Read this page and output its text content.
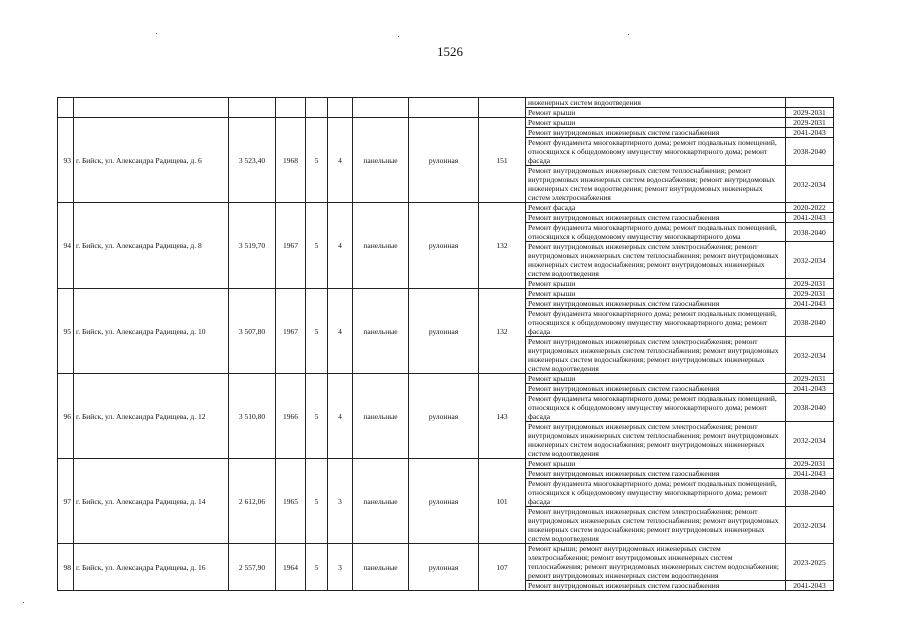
1526
									инженерных систем водоотведения	
									Ремонт крыши	2029-2031
93	г. Бийск, ул. Александра Радищева, д. 6	3 523,40	1968	5	4	панельные	рулонная	151	Ремонт крыши	2029-2031
									Ремонт внутридомовых инженерных систем газоснабжения	2041-2043
									Ремонт фундамента многоквартирного дома; ремонт подвальных помещений, относящихся к общедомовому имуществу многоквартирного дома; ремонт фасада	2038-2040
									Ремонт внутридомовых инженерных систем теплоснабжения; ремонт внутридомовых инженерных систем водоснабжения; ремонт внутридомовых инженерных систем водоотведения; ремонт внутридомовых инженерных систем электроснабжения	2032-2034
94	г. Бийск, ул. Александра Радищева, д. 8	3 519,70	1967	5	4	панельные	рулонная	132	Ремонт фасада	2020-2022
									Ремонт внутридомовых инженерных систем газоснабжения	2041-2043
									Ремонт фундамента многоквартирного дома; ремонт подвальных помещений, относящихся к общедомовому имуществу многоквартирного дома	2038-2040
									Ремонт внутридомовых инженерных систем электроснабжения; ремонт внутридомовых инженерных систем теплоснабжения; ремонт внутридомовых инженерных систем водоснабжения; ремонт внутридомовых инженерных систем водоотведения	2032-2034
									Ремонт крыши	2029-2031
95	г. Бийск, ул. Александра Радищева, д. 10	3 507,80	1967	5	4	панельные	рулонная	132	Ремонт крыши	2029-2031
									Ремонт внутридомовых инженерных систем газоснабжения	2041-2043
									Ремонт фундамента многоквартирного дома; ремонт подвальных помещений, относящихся к общедомовому имуществу многоквартирного дома; ремонт фасада	2038-2040
									Ремонт внутридомовых инженерных систем электроснабжения; ремонт внутридомовых инженерных систем теплоснабжения; ремонт внутридомовых инженерных систем водоснабжения; ремонт внутридомовых инженерных систем водоотведения	2032-2034
96	г. Бийск, ул. Александра Радищева, д. 12	3 510,80	1966	5	4	панельные	рулонная	143	Ремонт крыши	2029-2031
									Ремонт внутридомовых инженерных систем газоснабжения	2041-2043
									Ремонт фундамента многоквартирного дома; ремонт подвальных помещений, относящихся к общедомовому имуществу многоквартирного дома; ремонт фасада	2038-2040
									Ремонт внутридомовых инженерных систем электроснабжения; ремонт внутридомовых инженерных систем теплоснабжения; ремонт внутридомовых инженерных систем водоснабжения; ремонт внутридомовых инженерных систем водоотведения	2032-2034
97	г. Бийск, ул. Александра Радищева, д. 14	2 612,06	1965	5	3	панельные	рулонная	101	Ремонт крыши	2029-2031
									Ремонт внутридомовых инженерных систем газоснабжения	2041-2043
									Ремонт фундамента многоквартирного дома; ремонт подвальных помещений, относящихся к общедомовому имуществу многоквартирного дома; ремонт фасада	2038-2040
									Ремонт внутридомовых инженерных систем электроснабжения; ремонт внутридомовых инженерных систем теплоснабжения; ремонт внутридомовых инженерных систем водоснабжения; ремонт внутридомовых инженерных систем водоотведения	2032-2034
98	г. Бийск, ул. Александра Радищева, д. 16	2 557,90	1964	5	3	панельные	рулонная	107	Ремонт крыши; ремонт внутридомовых инженерных систем электроснабжения; ремонт внутридомовых инженерных систем теплоснабжения; ремонт внутридомовых инженерных систем водоснабжения; ремонт внутридомовых инженерных систем водоотведения	2023-2025
									Ремонт внутридомовых инженерных систем газоснабжения	2041-2043
